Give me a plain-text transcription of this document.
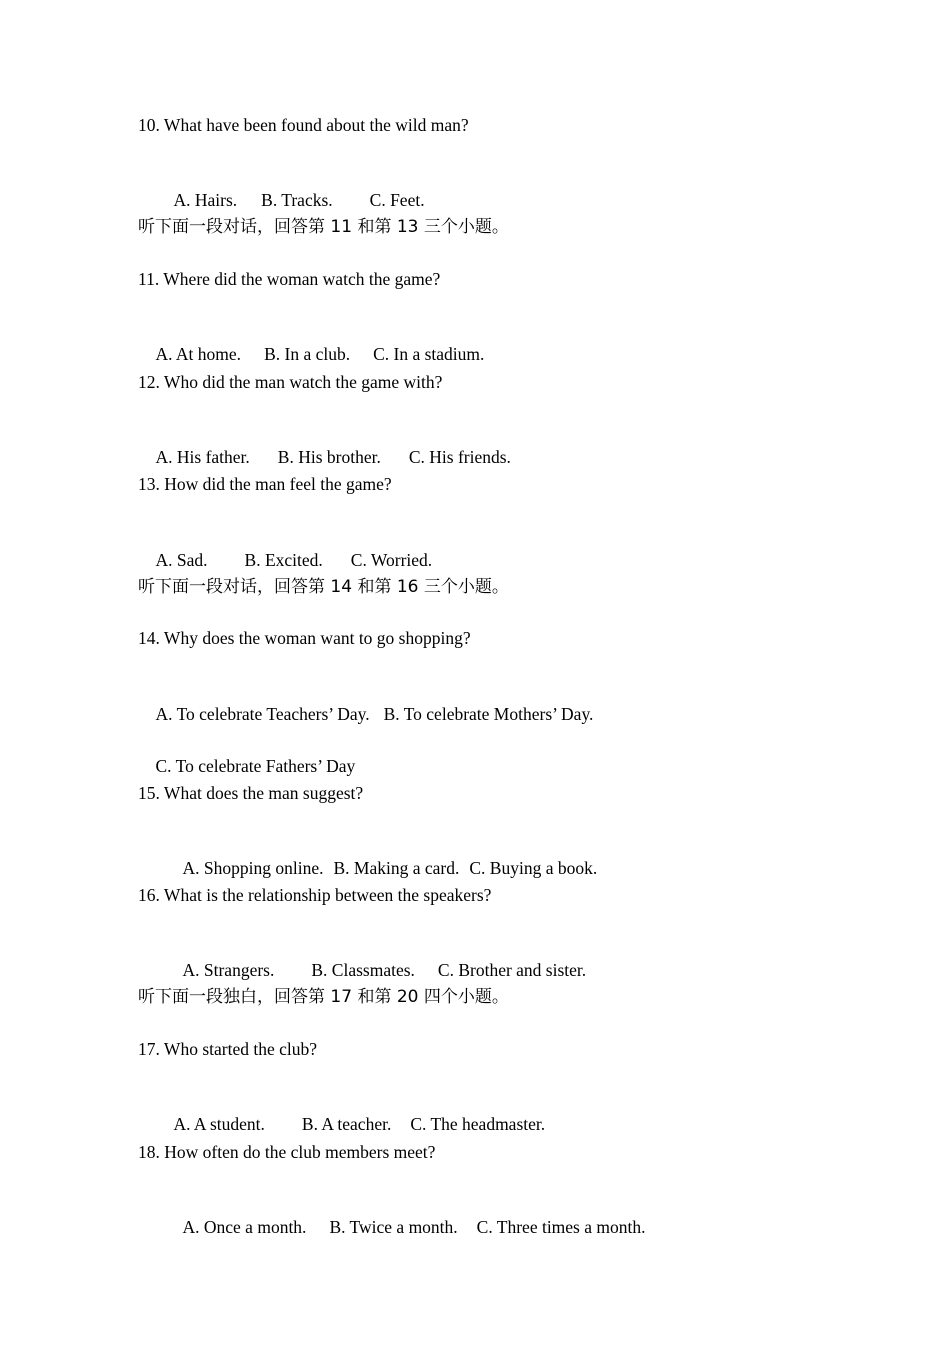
10. What have been found about the wild man?

A. Hairs. B. Tracks. C. Feet.

听下面一段对话，回答第 11 和第 13 三个小题。

11. Where did the woman watch the game?

A. At home. B. In a club. C. In a stadium.

12. Who did the man watch the game with?

A. His father. B. His brother. C. His friends.

13. How did the man feel the game?

A. Sad. B. Excited. C. Worried.

听下面一段对话，回答第 14 和第 16 三个小题。

14. Why does the woman want to go shopping?

A. To celebrate Teachers’ Day. B. To celebrate Mothers’ Day.

C. To celebrate Fathers’ Day

15. What does the man suggest?

A. Shopping online. B. Making a card. C. Buying a book.

16. What is the relationship between the speakers?

A. Strangers. B. Classmates. C. Brother and sister.

听下面一段独白，回答第 17 和第 20 四个小题。

17. Who started the club?

A. A student. B. A teacher. C. The headmaster.

18. How often do the club members meet?

A. Once a month. B. Twice a month. C. Three times a month.
